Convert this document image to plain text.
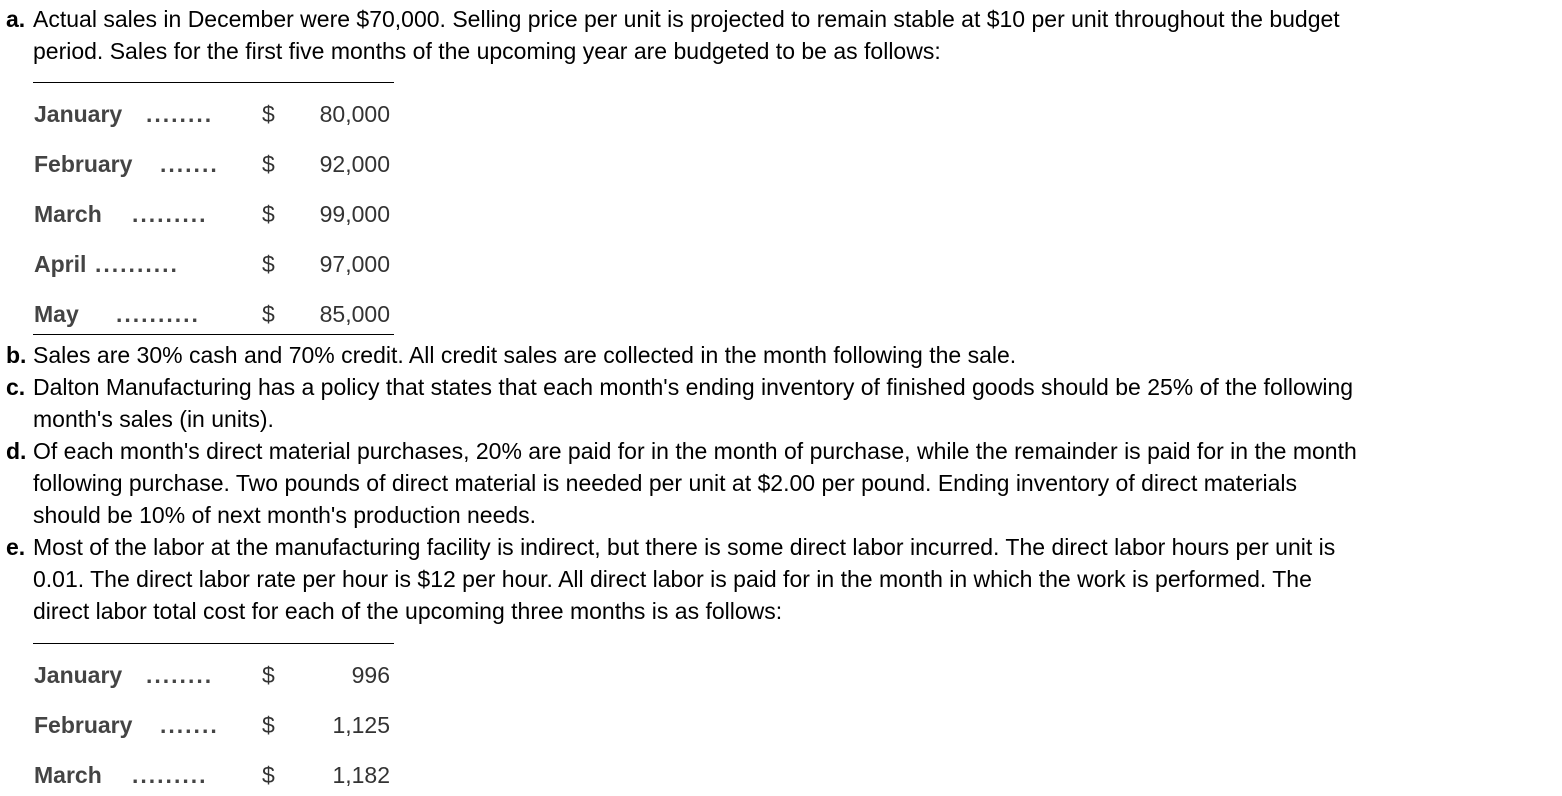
a. Actual sales in December were $70,000. Selling price per unit is projected to remain stable at $10 per unit throughout the budget
period. Sales for the first five months of the upcoming year are budgeted to be as follows:
January ........ $ 80,000
February ....... $ 92,000
March ......... $ 99,000
April ..........	$ 97,000
May ..........	$ 85,000
b. Sales are 30% cash and 70% credit. All credit sales are collected in the month following the sale.
c. Dalton Manufacturing has a policy that states that each month's ending inventory of finished goods should be 25% of the following
month's sales (in units).
d. Of each month's direct material purchases, 20% are paid for in the month of purchase, while the remainder is paid for in the month
following purchase. Two pounds of direct material is needed per unit at $2.00 per pound. Ending inventory of direct materials
should be 10% of next month's production needs.
e. Most of the labor at the manufacturing facility is indirect, but there is some direct labor incurred. The direct labor hours per unit is
0.01. The direct labor rate per hour is $12 per hour. All direct labor is paid for in the month in which the work is performed. The
direct labor total cost for each of the upcoming three months is as follows:
January ........ $	996
February ....... $	1,125
March ......... $	1,182
